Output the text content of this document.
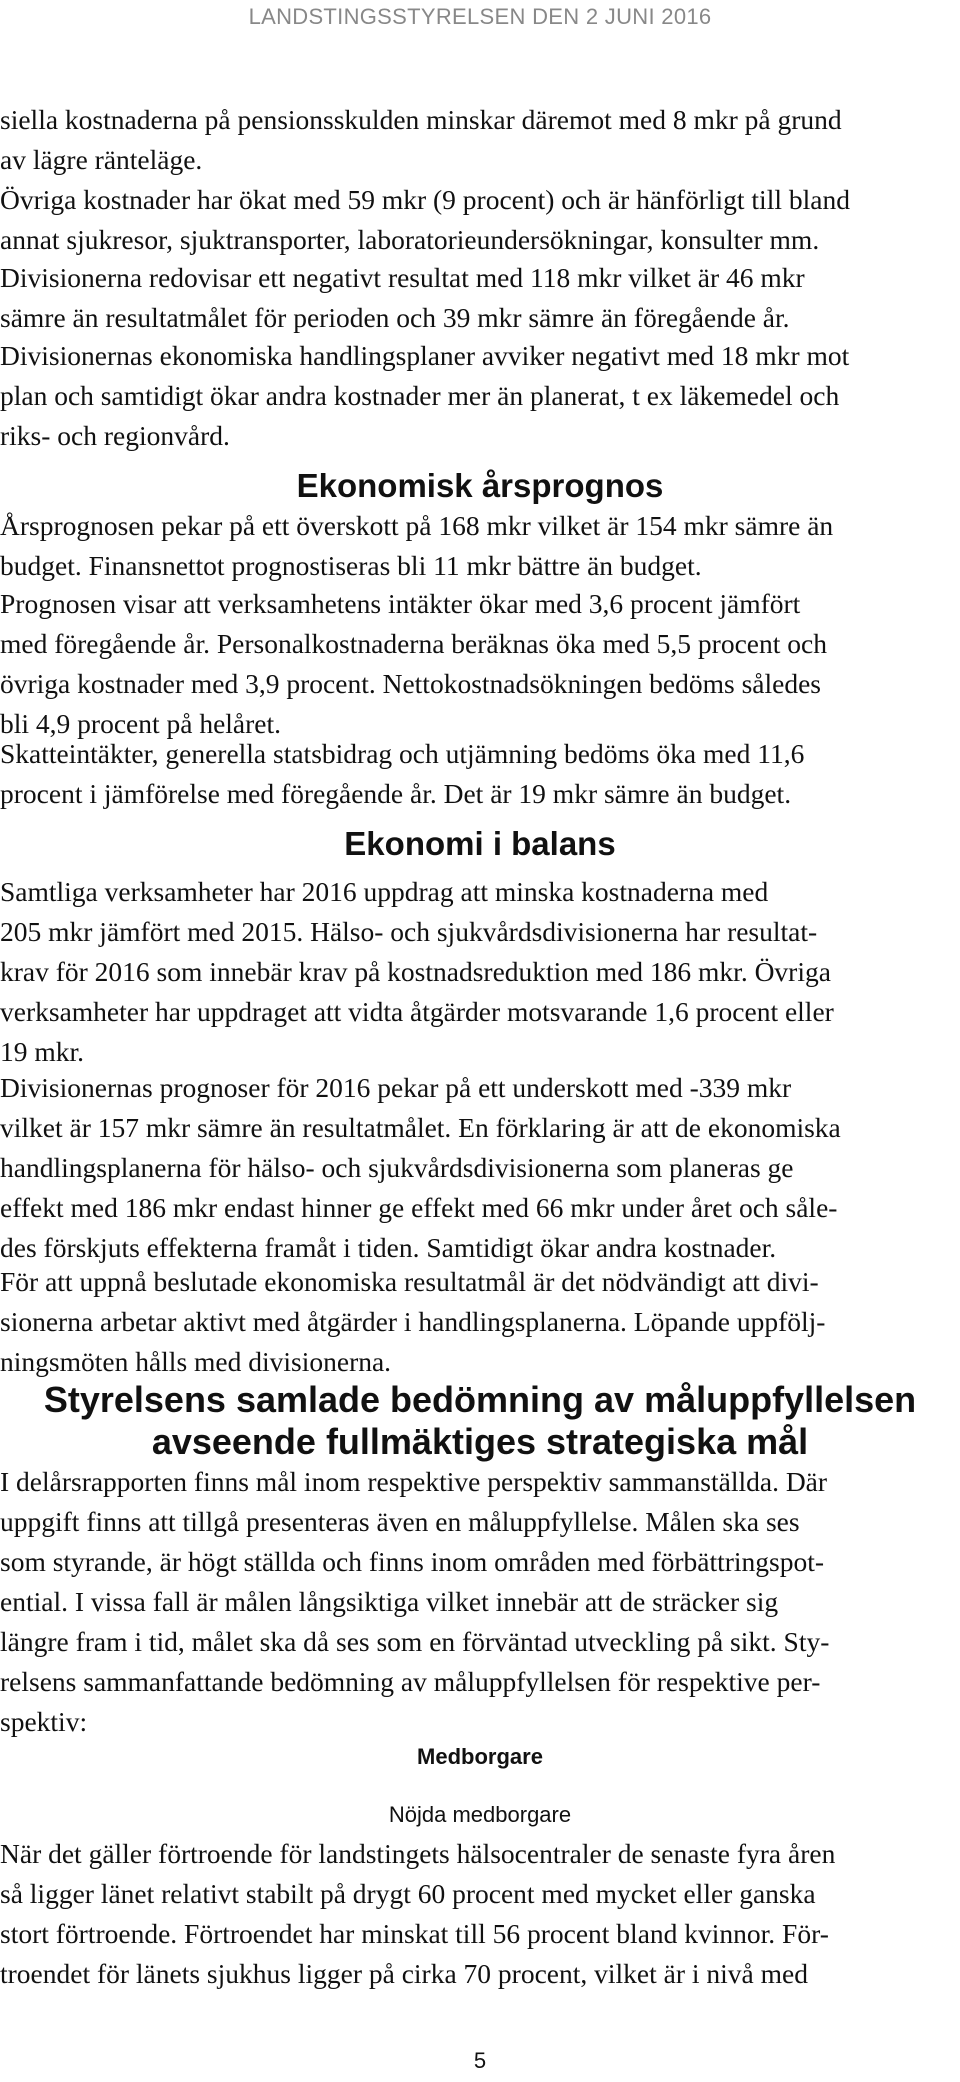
LANDSTINGSSTYRELSEN DEN 2 JUNI 2016
siella kostnaderna på pensionsskulden minskar däremot med 8 mkr på grund
av lägre ränteläge.
Övriga kostnader har ökat med 59 mkr (9 procent) och är hänförligt till bland
annat sjukresor, sjuktransporter, laboratorieundersökningar, konsulter mm.
Divisionerna redovisar ett negativt resultat med 118 mkr vilket är 46 mkr
sämre än resultatmålet för perioden och 39 mkr sämre än föregående år.
Divisionernas ekonomiska handlingsplaner avviker negativt med 18 mkr mot
plan och samtidigt ökar andra kostnader mer än planerat, t ex läkemedel och
riks- och regionvård.
Ekonomisk årsprognos
Årsprognosen pekar på ett överskott på 168 mkr vilket är 154 mkr sämre än
budget. Finansnettot prognostiseras bli 11 mkr bättre än budget.
Prognosen visar att verksamhetens intäkter ökar med 3,6 procent jämfört
med föregående år. Personalkostnaderna beräknas öka med 5,5 procent och
övriga kostnader med 3,9 procent. Nettokostnadsökningen bedöms således
bli 4,9 procent på helåret.
Skatteintäkter, generella statsbidrag och utjämning bedöms öka med 11,6
procent i jämförelse med föregående år. Det är 19 mkr sämre än budget.
Ekonomi i balans
Samtliga verksamheter har 2016 uppdrag att minska kostnaderna med
205 mkr jämfört med 2015. Hälso- och sjukvårdsdivisionerna har resultat-
krav för 2016 som innebär krav på kostnadsreduktion med 186 mkr. Övriga
verksamheter har uppdraget att vidta åtgärder motsvarande 1,6 procent eller
19 mkr.
Divisionernas prognoser för 2016 pekar på ett underskott med -339 mkr
vilket är 157 mkr sämre än resultatmålet. En förklaring är att de ekonomiska
handlingsplanerna för hälso- och sjukvårdsdivisionerna som planeras ge
effekt med 186 mkr endast hinner ge effekt med 66 mkr under året och såle-
des förskjuts effekterna framåt i tiden. Samtidigt ökar andra kostnader.
För att uppnå beslutade ekonomiska resultatmål är det nödvändigt att divi-
sionerna arbetar aktivt med åtgärder i handlingsplanerna. Löpande uppfölj-
ningsmöten hålls med divisionerna.
Styrelsens samlade bedömning av måluppfyllelsen
avseende fullmäktiges strategiska mål
I delårsrapporten finns mål inom respektive perspektiv sammanställda. Där
uppgift finns att tillgå presenteras även en måluppfyllelse. Målen ska ses
som styrande, är högt ställda och finns inom områden med förbättringspot-
ential. I vissa fall är målen långsiktiga vilket innebär att de sträcker sig
längre fram i tid, målet ska då ses som en förväntad utveckling på sikt. Sty-
relsens sammanfattande bedömning av måluppfyllelsen för respektive per-
spektiv:
Medborgare
Nöjda medborgare
När det gäller förtroende för landstingets hälsocentraler de senaste fyra åren
så ligger länet relativt stabilt på drygt 60 procent med mycket eller ganska
stort förtroende. Förtroendet har minskat till 56 procent bland kvinnor. För-
troendet för länets sjukhus ligger på cirka 70 procent, vilket är i nivå med
5
